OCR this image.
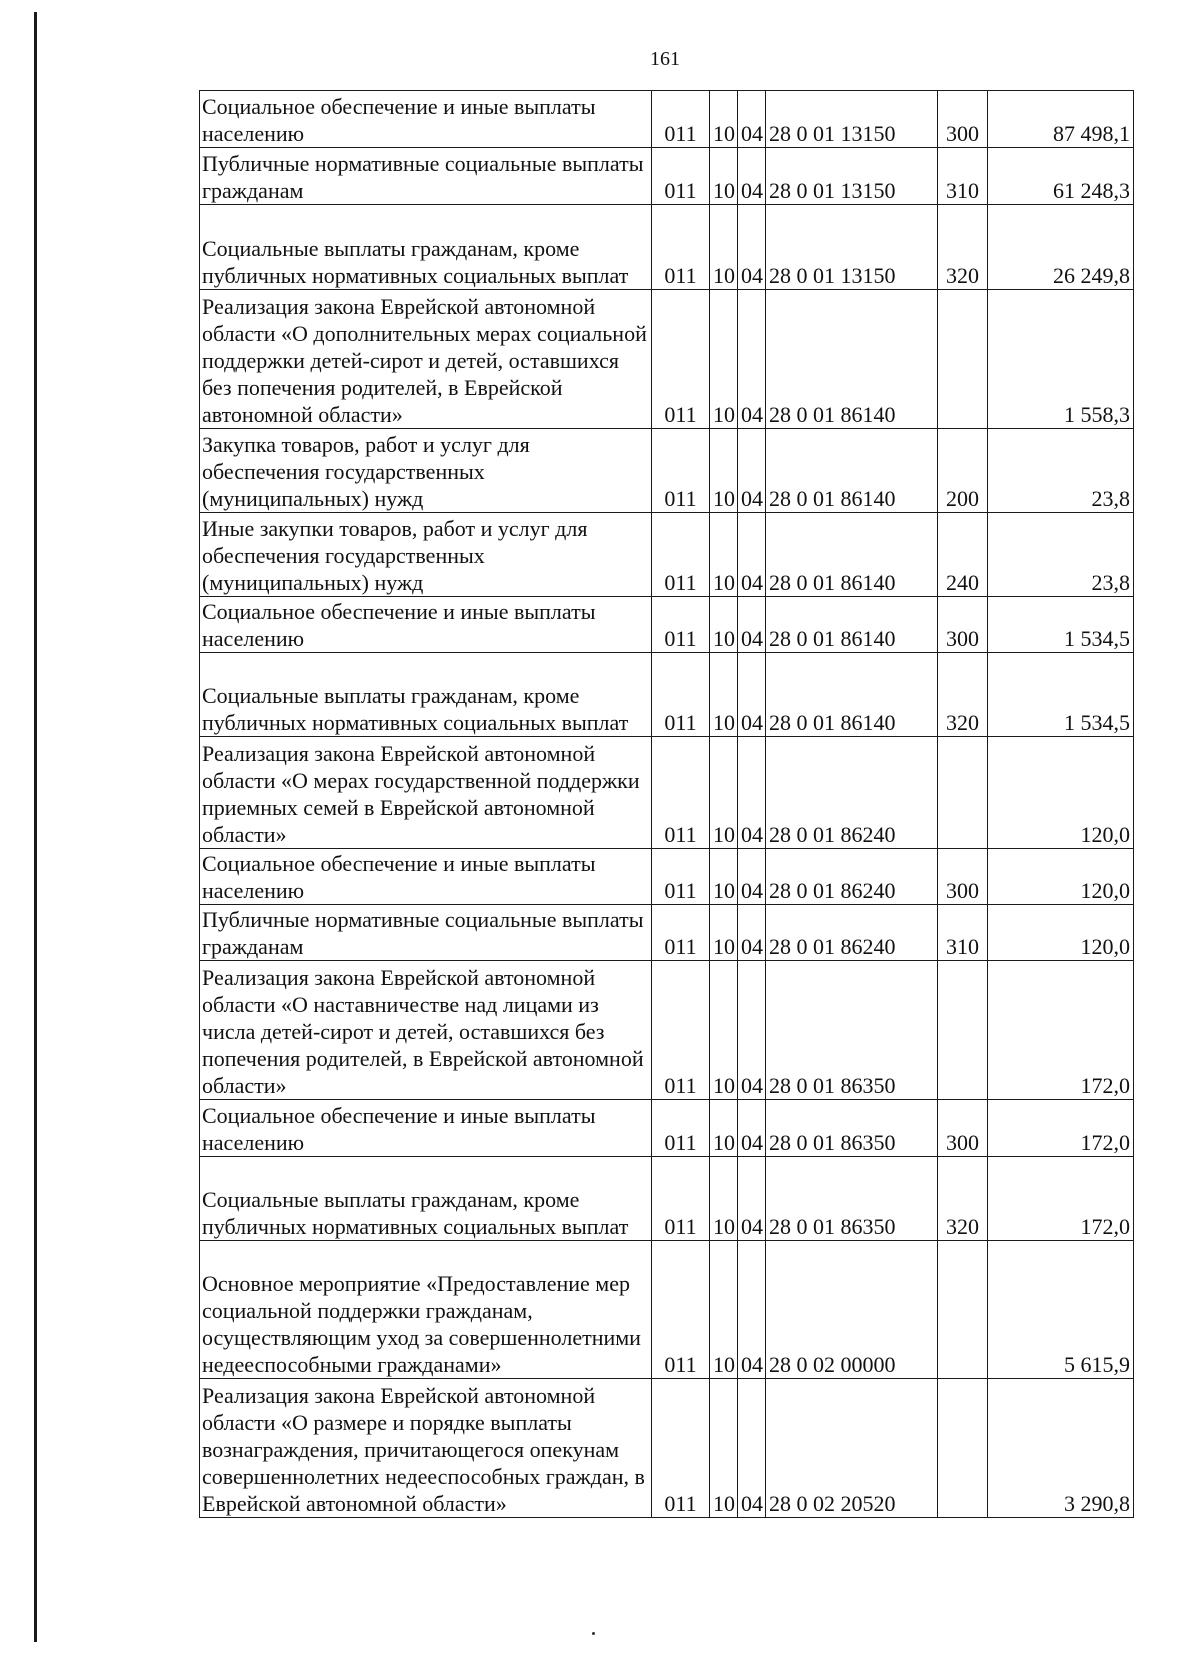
161
Социальное обеспечение и иные выплаты населению	011	10	04	28 0 01 13150	300	87 498,1
Публичные нормативные социальные выплаты гражданам	011	10	04	28 0 01 13150	310	61 248,3
Социальные выплаты гражданам, кроме публичных нормативных социальных выплат	011	10	04	28 0 01 13150	320	26 249,8
Реализация закона Еврейской автономной области «О дополнительных мерах социальной поддержки детей-сирот и детей, оставшихся без попечения родителей, в Еврейской автономной области»	011	10	04	28 0 01 86140		1 558,3
Закупка товаров, работ и услуг для обеспечения государственных (муниципальных) нужд	011	10	04	28 0 01 86140	200	23,8
Иные закупки товаров, работ и услуг для обеспечения государственных (муниципальных) нужд	011	10	04	28 0 01 86140	240	23,8
Социальное обеспечение и иные выплаты населению	011	10	04	28 0 01 86140	300	1 534,5
Социальные выплаты гражданам, кроме публичных нормативных социальных выплат	011	10	04	28 0 01 86140	320	1 534,5
Реализация закона Еврейской автономной области «О мерах государственной поддержки приемных семей в Еврейской автономной области»	011	10	04	28 0 01 86240		120,0
Социальное обеспечение и иные выплаты населению	011	10	04	28 0 01 86240	300	120,0
Публичные нормативные социальные выплаты гражданам	011	10	04	28 0 01 86240	310	120,0
Реализация закона Еврейской автономной области «О наставничестве над лицами из числа детей-сирот и детей, оставшихся без попечения родителей, в Еврейской автономной области»	011	10	04	28 0 01 86350		172,0
Социальное обеспечение и иные выплаты населению	011	10	04	28 0 01 86350	300	172,0
Социальные выплаты гражданам, кроме публичных нормативных социальных выплат	011	10	04	28 0 01 86350	320	172,0
Основное мероприятие «Предоставление мер социальной поддержки гражданам, осуществляющим уход за совершеннолетними недееспособными гражданами»	011	10	04	28 0 02 00000		5 615,9
Реализация закона Еврейской автономной области «О размере и порядке выплаты вознаграждения, причитающегося опекунам совершеннолетних недееспособных граждан, в Еврейской автономной области»	011	10	04	28 0 02 20520		3 290,8
